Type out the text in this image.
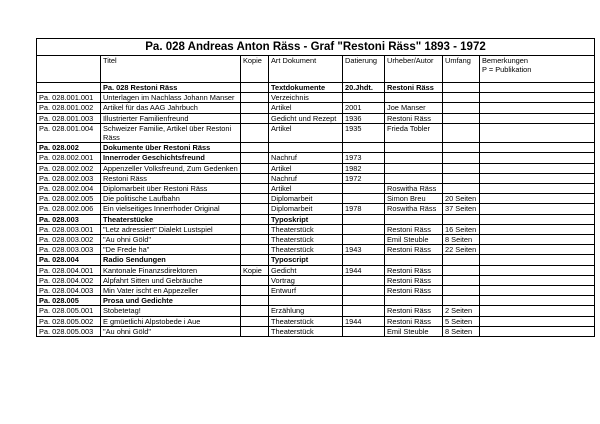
Pa. 028 Andreas Anton Räss - Graf "Restoni Räss" 1893 - 1972							
	Titel	Kopie	Art Dokument	Datierung	Urheber/Autor	Umfang	Bemerkungen
P = Publikation

	Pa. 028 Restoni Räss		Textdokumente	20.Jhdt.	Restoni Räss		
Pa. 028.001.001	Unterlagen im Nachlass Johann Manser		Verzeichnis				
Pa. 028.001.002	Artikel für das AAG Jahrbuch		Artikel	2001	Joe Manser		
Pa. 028.001.003	Illustrierter Familienfreund		Gedicht und Rezept	1936	Restoni Räss		
Pa. 028.001.004	Schweizer Familie, Artikel über Restoni Räss		Artikel	1935	Frieda Tobler		
Pa. 028.002	Dokumente über Restoni Räss						
Pa. 028.002.001	Innerroder Geschichtsfreund		Nachruf	1973			
Pa. 028.002.002	Appenzeller Volksfreund, Zum Gedenken		Artikel	1982			
Pa. 028.002.003	Restoni Räss		Nachruf	1972			
Pa. 028.002.004	Diplomarbeit über Restoni Räss		Artikel		Roswitha Räss		
Pa. 028.002.005	Die politische Laufbahn		Diplomarbeit		Simon Breu	20 Seiten	
Pa. 028.002.006	Ein vielseitiges Innerrhoder Original		Diplomarbeit	1978	Roswitha Räss	37 Seiten	
Pa. 028.003	Theaterstücke		Typoskript				
Pa. 028.003.001	"Letz adressiert" Dialekt Lustspiel		Theaterstück		Restoni Räss	16 Seiten	
Pa. 028.003.002	"Au ohni Göld"		Theaterstück		Emil Steuble	8 Seiten	
Pa. 028.003.003	"De Frede ha"		Theaterstück	1943	Restoni Räss	22 Seiten	
Pa. 028.004	Radio Sendungen		Typoscript				
Pa. 028.004.001	Kantonale Finanzsdirektoren	Kopie	Gedicht	1944	Restoni Räss		
Pa. 028.004.002	Alpfahrt Sitten und Gebräuche		Vortrag		Restoni Räss		
Pa. 028.004.003	Min Vater ischt en Appezeller		Entwurf		Restoni Räss		
Pa. 028.005	Prosa und Gedichte						
Pa. 028.005.001	Stobetetag!		Erzählung		Restoni Räss	2 Seiten	
Pa. 028.005.002	E gmüetlichi Alpstobede i Aue		Theaterstück	1944	Restoni Räss	5 Seiten	
Pa. 028.005.003	"Au ohni Göld"		Theaterstück		Emil Steuble	8 Seiten	
